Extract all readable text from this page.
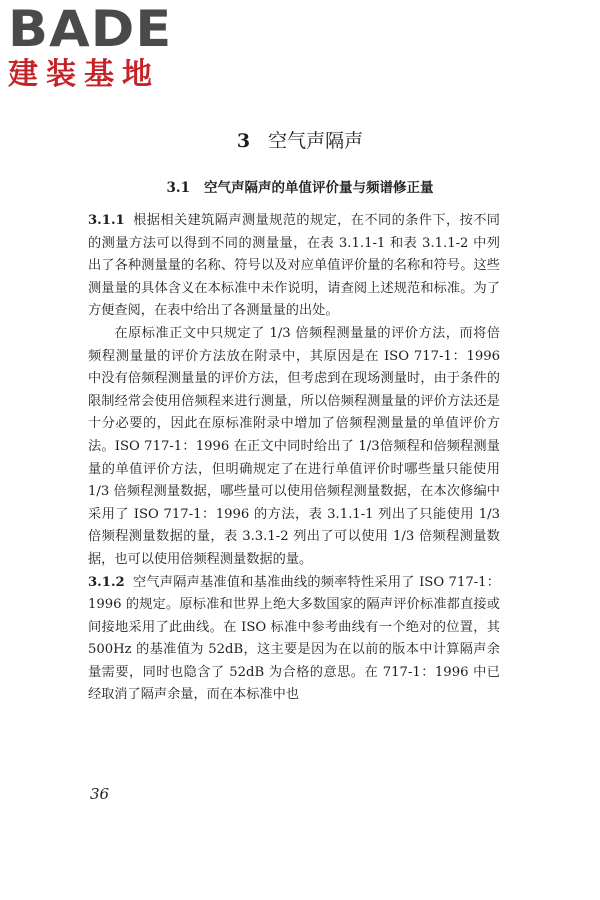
BADE
建装基地
3 空气声隔声
3.1 空气声隔声的单值评价量与频谱修正量

3.1.1 根据相关建筑隔声测量规范的规定，在不同的条件下，按不同的测量方法可以得到不同的测量量，在表 3.1.1-1 和表 3.1.1-2 中列出了各种测量量的名称、符号以及对应单值评价量的名称和符号。这些测量量的具体含义在本标准中未作说明，请查阅上述规范和标准。为了方便查阅，在表中给出了各测量量的出处。

在原标准正文中只规定了 1/3 倍频程测量量的评价方法，而将倍频程测量量的评价方法放在附录中，其原因是在 ISO 717-1：1996 中没有倍频程测量量的评价方法，但考虑到在现场测量时，由于条件的限制经常会使用倍频程来进行测量，所以倍频程测量量的评价方法还是十分必要的，因此在原标准附录中增加了倍频程测量量的单值评价方法。ISO 717-1：1996 在正文中同时给出了 1/3倍频程和倍频程测量量的单值评价方法，但明确规定了在进行单值评价时哪些量只能使用 1/3 倍频程测量数据，哪些量可以使用倍频程测量数据，在本次修编中采用了 ISO 717-1：1996 的方法，表 3.1.1-1 列出了只能使用 1/3 倍频程测量数据的量，表 3.3.1-2 列出了可以使用 1/3 倍频程测量数据，也可以使用倍频程测量数据的量。

3.1.2 空气声隔声基准值和基准曲线的频率特性采用了 ISO 717-1：1996 的规定。原标准和世界上绝大多数国家的隔声评价标准都直接或间接地采用了此曲线。在 ISO 标准中参考曲线有一个绝对的位置，其 500Hz 的基准值为 52dB，这主要是因为在以前的版本中计算隔声余量需要，同时也隐含了 52dB 为合格的意思。在 717-1：1996 中已经取消了隔声余量，而在本标准中也

36
